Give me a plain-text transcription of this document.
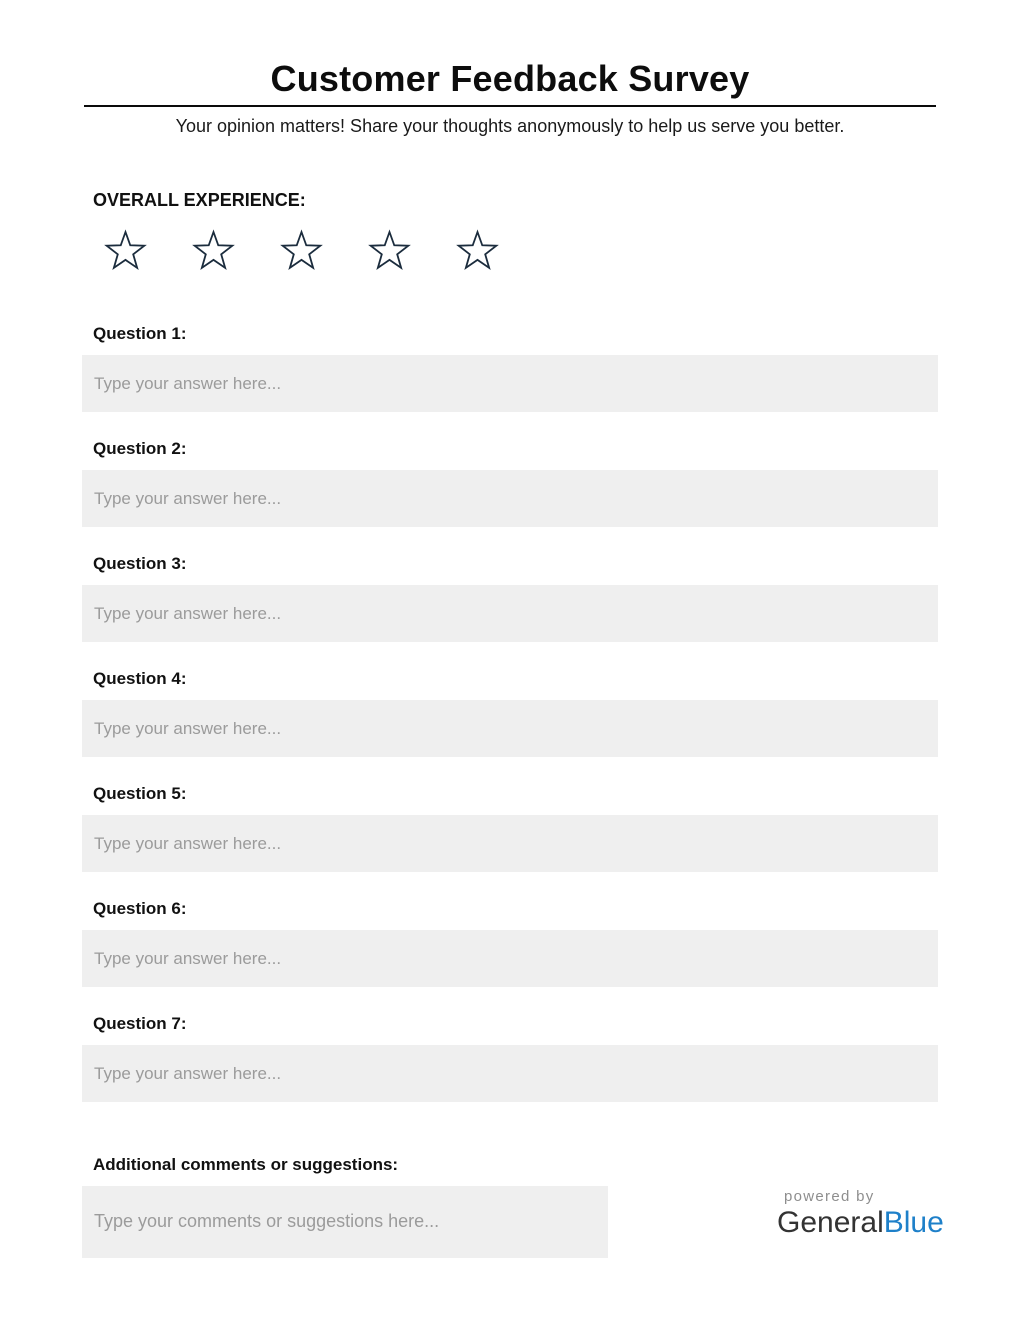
Customer Feedback Survey
Your opinion matters! Share your thoughts anonymously to help us serve you better.
OVERALL EXPERIENCE:
Question 1:
Type your answer here...
Question 2:
Type your answer here...
Question 3:
Type your answer here...
Question 4:
Type your answer here...
Question 5:
Type your answer here...
Question 6:
Type your answer here...
Question 7:
Type your answer here...
Additional comments or suggestions:
Type your comments or suggestions here...
powered by
GeneralBlue
